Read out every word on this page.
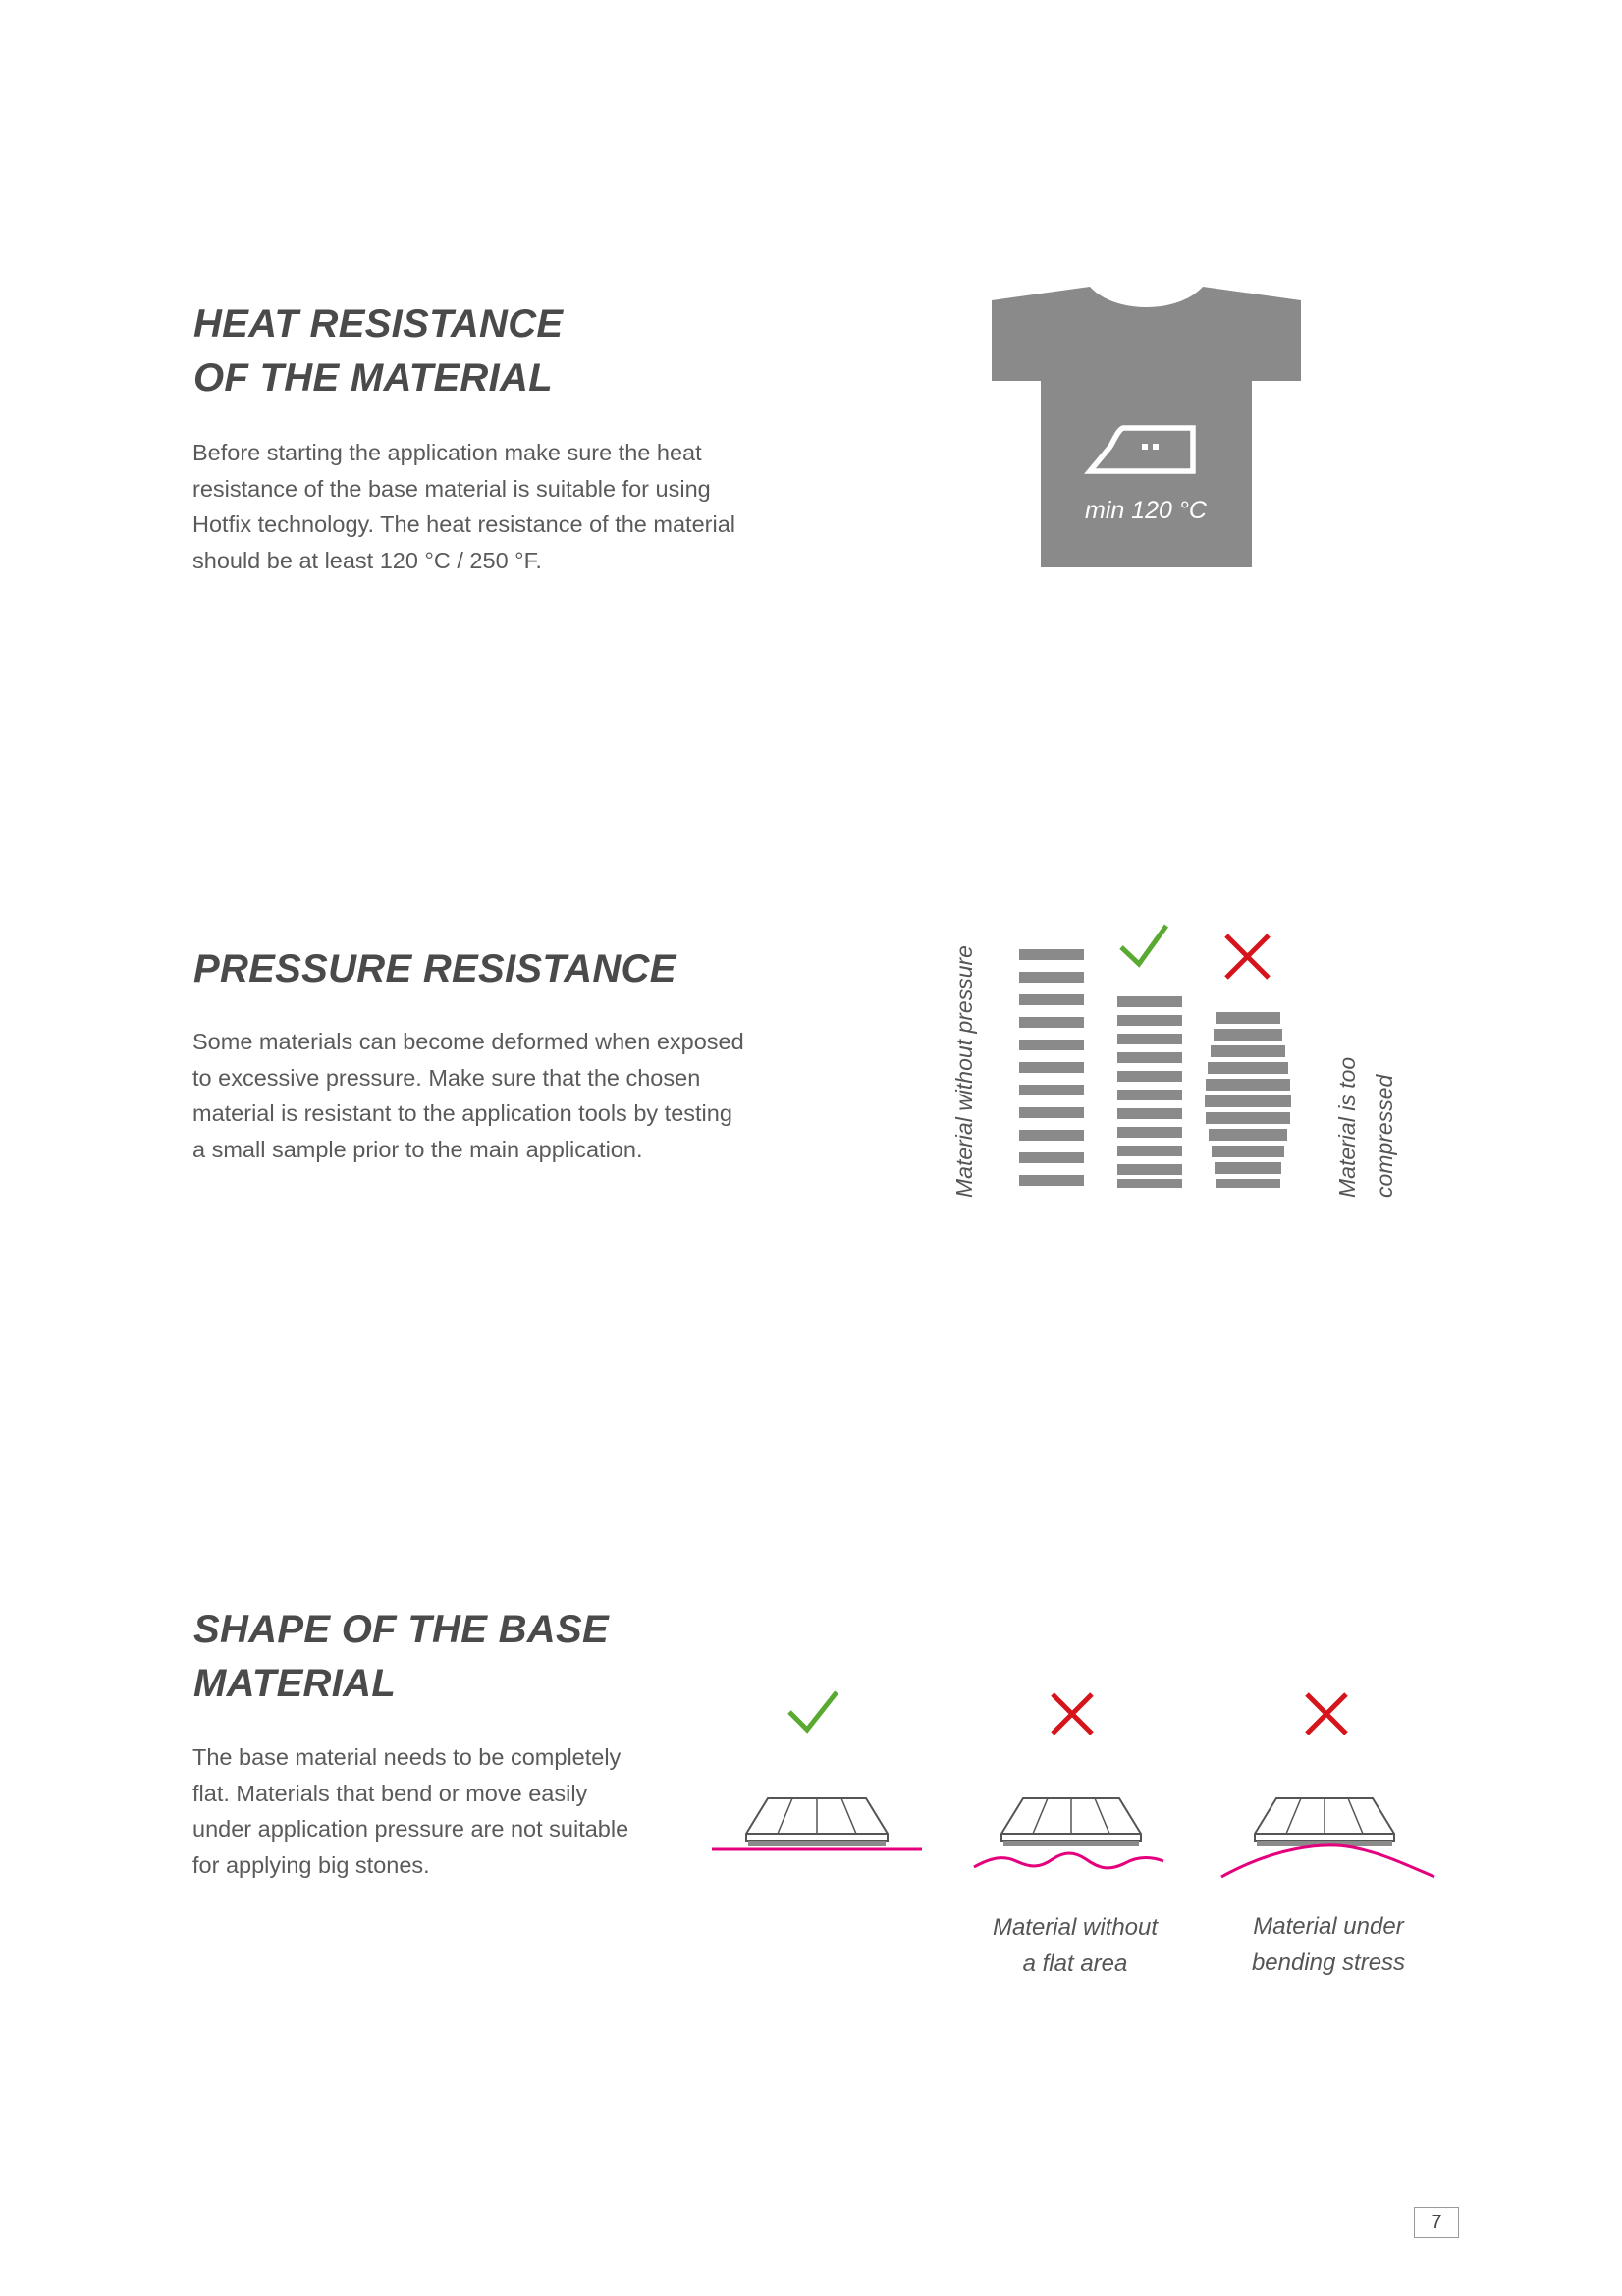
HEAT RESISTANCE
OF THE MATERIAL
Before starting the application make sure the heat
resistance of the base material is suitable for using
Hotfix technology. The heat resistance of the material
should be at least 120 °C / 250 °F.
min 120 °C
PRESSURE RESISTANCE
Some materials can become deformed when exposed
to excessive pressure. Make sure that the chosen
material is resistant to the application tools by testing
a small sample prior to the main application.	Material without pressure	Material is too compressed
SHAPE OF THE BASE
MATERIAL
The base material needs to be completely
flat. Materials that bend or move easily
under application pressure are not suitable
for applying big stones.
Material without
a flat area
Material under
bending stress
7
